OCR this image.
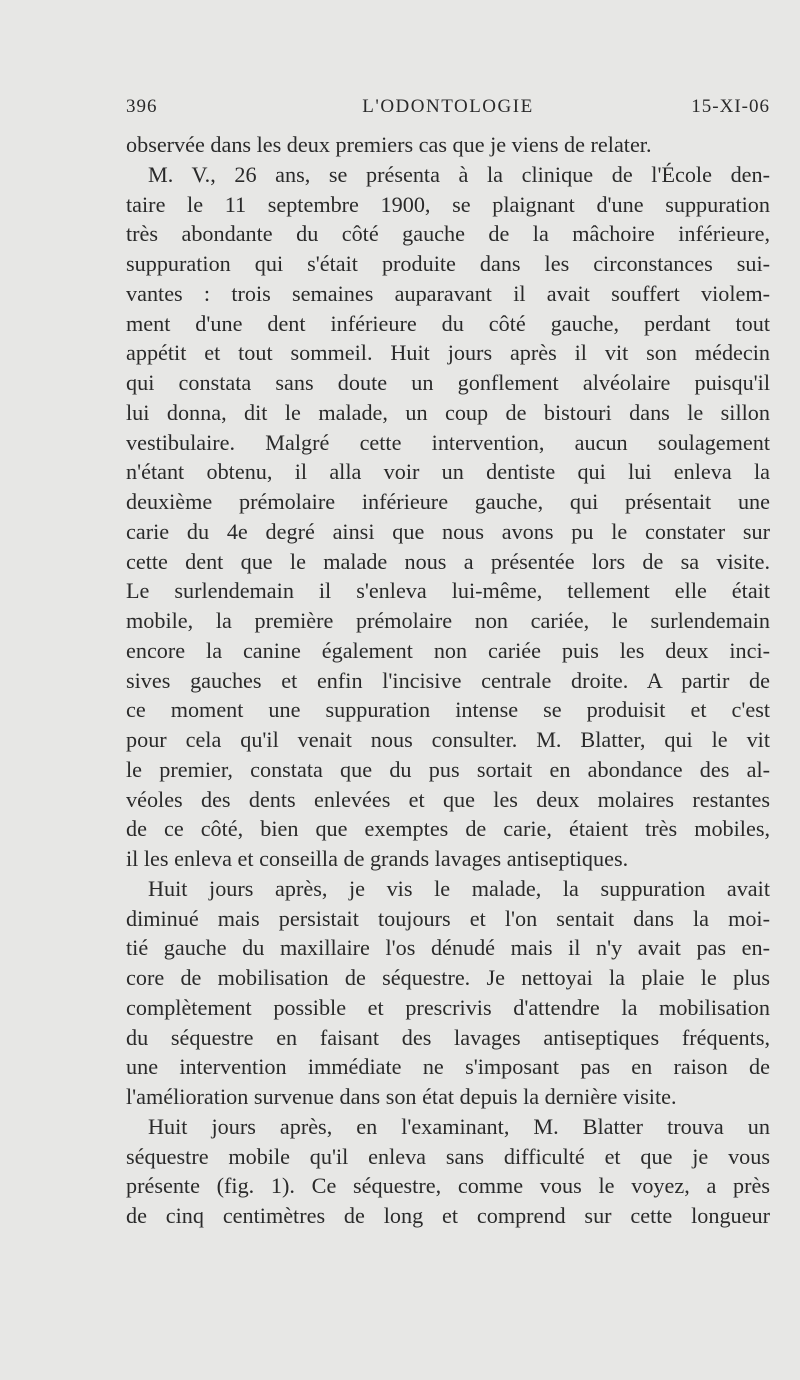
396	L'ODONTOLOGIE	15-XI-06

observée dans les deux premiers cas que je viens de relater.

M. V., 26 ans, se présenta à la clinique de l'École den-
taire le 11 septembre 1900, se plaignant d'une suppuration
très abondante du côté gauche de la mâchoire inférieure,
suppuration qui s'était produite dans les circonstances sui-
vantes : trois semaines auparavant il avait souffert violem-
ment d'une dent inférieure du côté gauche, perdant tout
appétit et tout sommeil. Huit jours après il vit son médecin
qui constata sans doute un gonflement alvéolaire puisqu'il
lui donna, dit le malade, un coup de bistouri dans le sillon
vestibulaire. Malgré cette intervention, aucun soulagement
n'étant obtenu, il alla voir un dentiste qui lui enleva la
deuxième prémolaire inférieure gauche, qui présentait une
carie du 4e degré ainsi que nous avons pu le constater sur
cette dent que le malade nous a présentée lors de sa visite.
Le surlendemain il s'enleva lui-même, tellement elle était
mobile, la première prémolaire non cariée, le surlendemain
encore la canine également non cariée puis les deux inci-
sives gauches et enfin l'incisive centrale droite. A partir de
ce moment une suppuration intense se produisit et c'est
pour cela qu'il venait nous consulter. M. Blatter, qui le vit
le premier, constata que du pus sortait en abondance des al-
véoles des dents enlevées et que les deux molaires restantes
de ce côté, bien que exemptes de carie, étaient très mobiles,
il les enleva et conseilla de grands lavages antiseptiques.

Huit jours après, je vis le malade, la suppuration avait
diminué mais persistait toujours et l'on sentait dans la moi-
tié gauche du maxillaire l'os dénudé mais il n'y avait pas en-
core de mobilisation de séquestre. Je nettoyai la plaie le plus
complètement possible et prescrivis d'attendre la mobilisation
du séquestre en faisant des lavages antiseptiques fréquents,
une intervention immédiate ne s'imposant pas en raison de
l'amélioration survenue dans son état depuis la dernière visite.

Huit jours après, en l'examinant, M. Blatter trouva un
séquestre mobile qu'il enleva sans difficulté et que je vous
présente (fig. 1). Ce séquestre, comme vous le voyez, a près
de cinq centimètres de long et comprend sur cette longueur
